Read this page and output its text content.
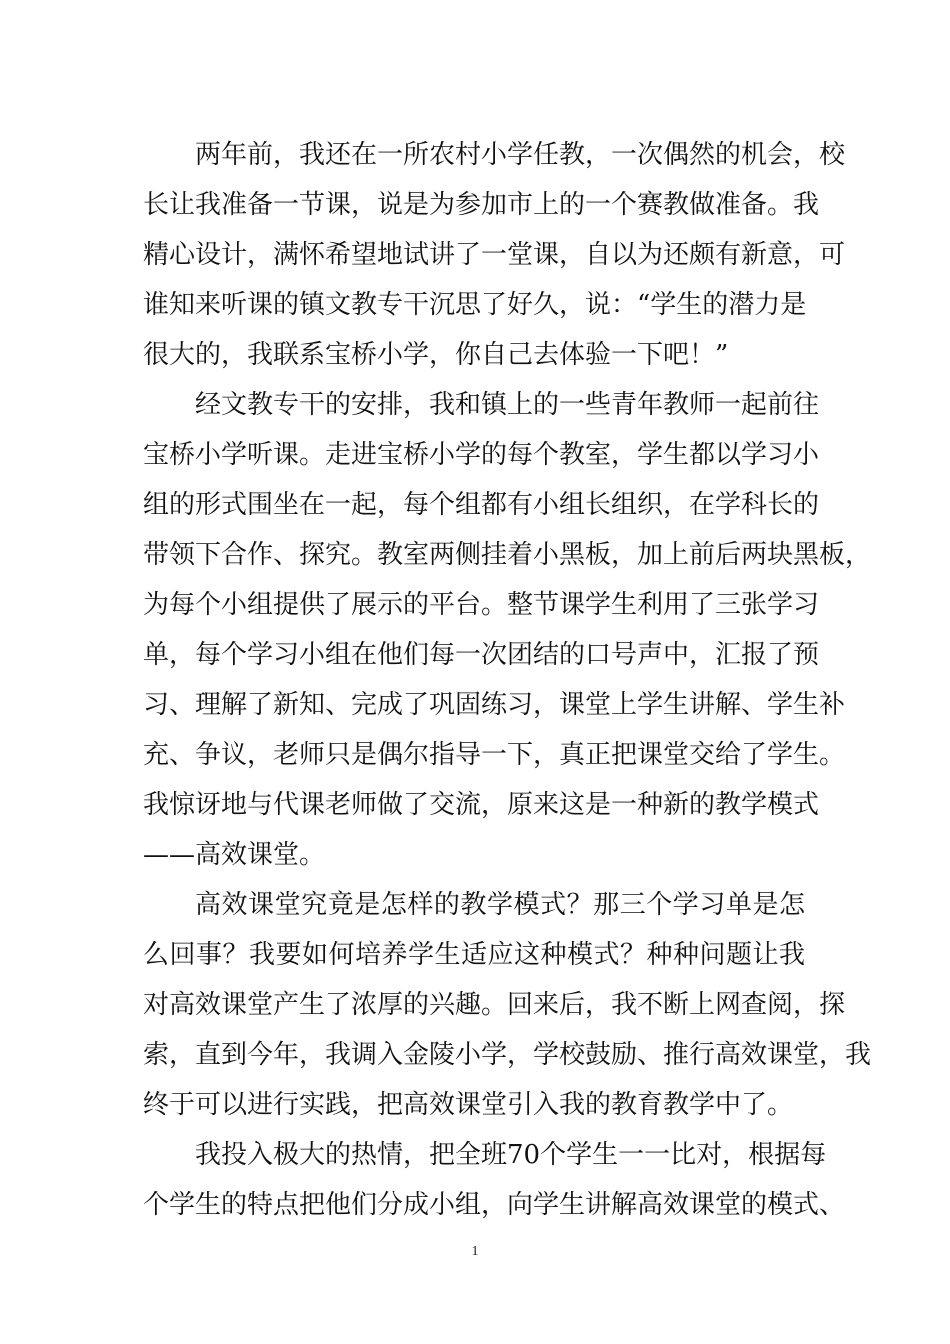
两年前，我还在一所农村小学任教，一次偶然的机会，校
长让我准备一节课，说是为参加市上的一个赛教做准备。我
精心设计，满怀希望地试讲了一堂课，自以为还颇有新意，可
谁知来听课的镇文教专干沉思了好久，说：“学生的潜力是
很大的，我联系宝桥小学，你自己去体验一下吧！”
经文教专干的安排，我和镇上的一些青年教师一起前往
宝桥小学听课。走进宝桥小学的每个教室，学生都以学习小
组的形式围坐在一起，每个组都有小组长组织，在学科长的
带领下合作、探究。教室两侧挂着小黑板，加上前后两块黑板，
为每个小组提供了展示的平台。整节课学生利用了三张学习
单，每个学习小组在他们每一次团结的口号声中，汇报了预
习、理解了新知、完成了巩固练习，课堂上学生讲解、学生补
充、争议，老师只是偶尔指导一下，真正把课堂交给了学生。
我惊讶地与代课老师做了交流，原来这是一种新的教学模式
——高效课堂。
高效课堂究竟是怎样的教学模式？那三个学习单是怎
么回事？我要如何培养学生适应这种模式？种种问题让我
对高效课堂产生了浓厚的兴趣。回来后，我不断上网查阅，探
索，直到今年，我调入金陵小学，学校鼓励、推行高效课堂，我
终于可以进行实践，把高效课堂引入我的教育教学中了。
我投入极大的热情，把全班70个学生一一比对，根据每
个学生的特点把他们分成小组，向学生讲解高效课堂的模式、
1
